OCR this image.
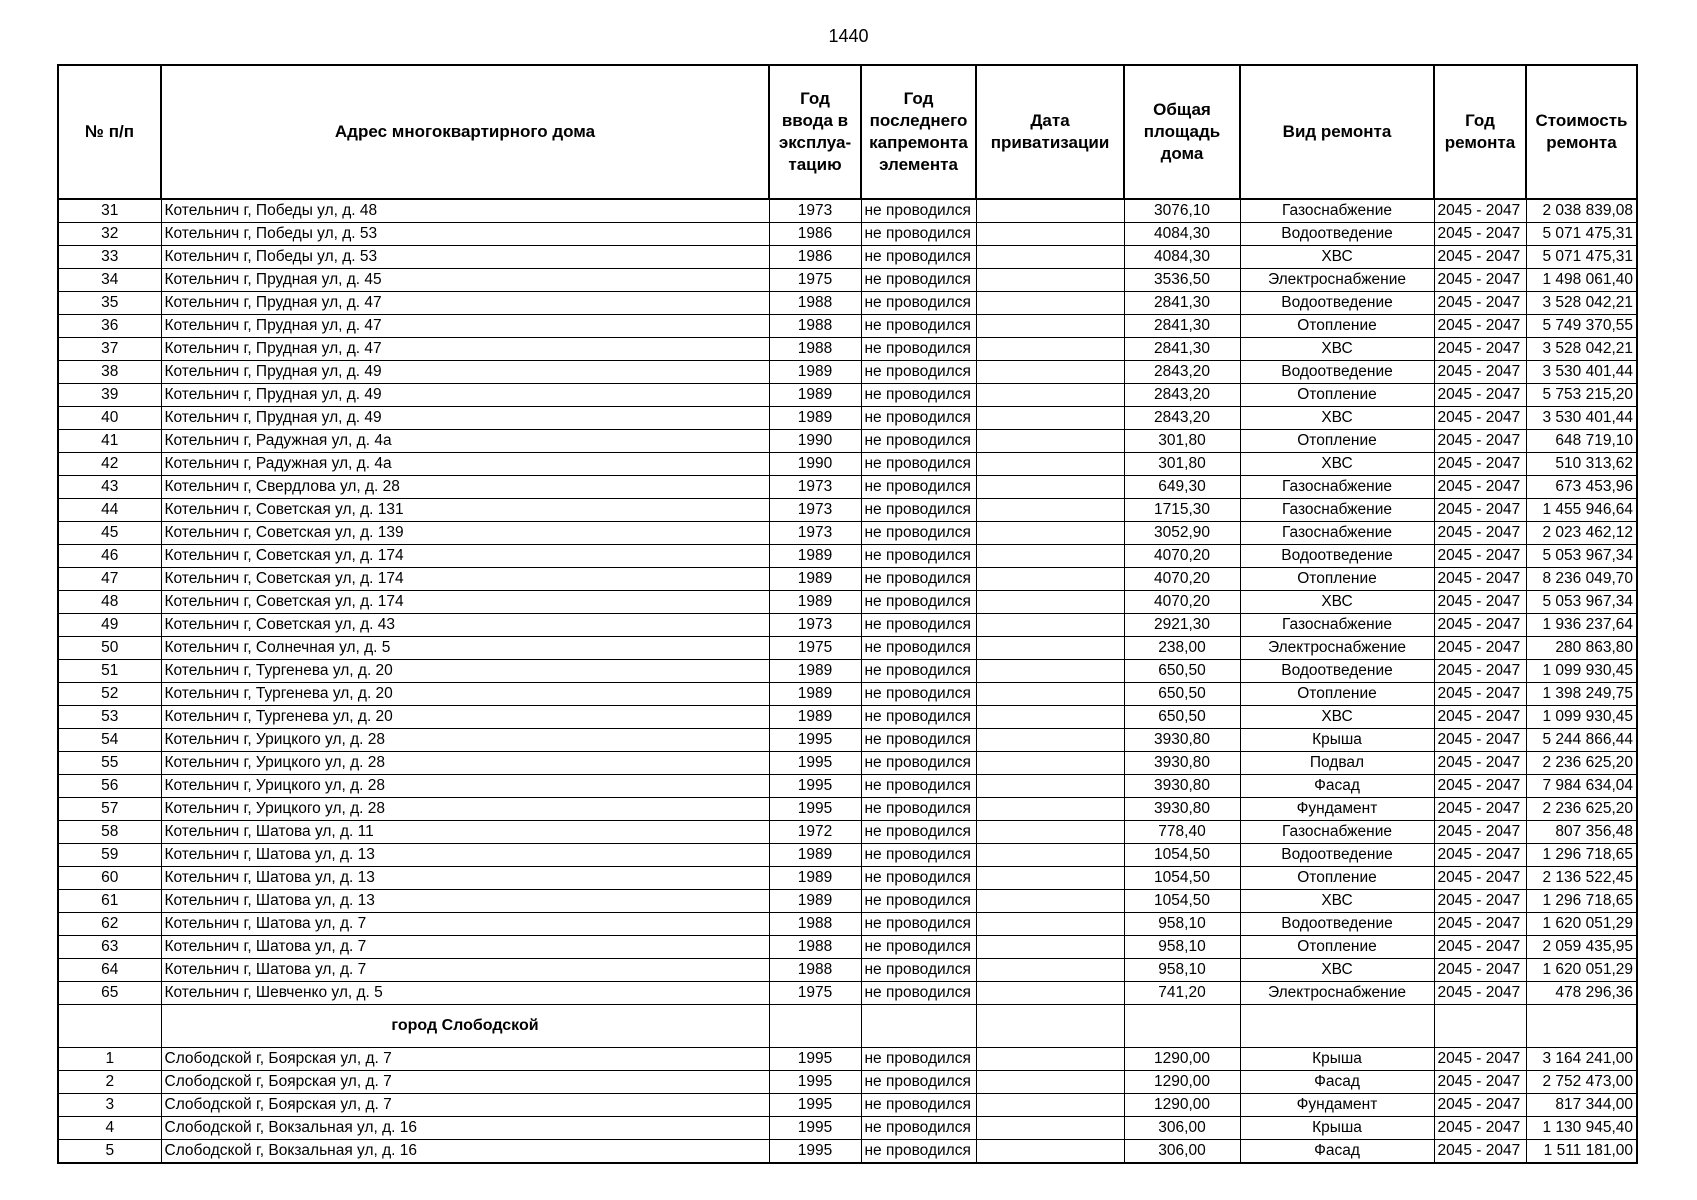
1440
№ п/п	Адрес многоквартирного дома	Год ввода в эксплуа-тацию	Год последнего капремонта элемента	Дата приватизации	Общая площадь дома	Вид ремонта	Год ремонта	Стоимость ремонта
31	Котельнич г, Победы ул, д. 48	1973	не проводился		3076,10	Газоснабжение	2045 - 2047	2 038 839,08
32	Котельнич г, Победы ул, д. 53	1986	не проводился		4084,30	Водоотведение	2045 - 2047	5 071 475,31
33	Котельнич г, Победы ул, д. 53	1986	не проводился		4084,30	ХВС	2045 - 2047	5 071 475,31
34	Котельнич г, Прудная ул, д. 45	1975	не проводился		3536,50	Электроснабжение	2045 - 2047	1 498 061,40
35	Котельнич г, Прудная ул, д. 47	1988	не проводился		2841,30	Водоотведение	2045 - 2047	3 528 042,21
36	Котельнич г, Прудная ул, д. 47	1988	не проводился		2841,30	Отопление	2045 - 2047	5 749 370,55
37	Котельнич г, Прудная ул, д. 47	1988	не проводился		2841,30	ХВС	2045 - 2047	3 528 042,21
38	Котельнич г, Прудная ул, д. 49	1989	не проводился		2843,20	Водоотведение	2045 - 2047	3 530 401,44
39	Котельнич г, Прудная ул, д. 49	1989	не проводился		2843,20	Отопление	2045 - 2047	5 753 215,20
40	Котельнич г, Прудная ул, д. 49	1989	не проводился		2843,20	ХВС	2045 - 2047	3 530 401,44
41	Котельнич г, Радужная ул, д. 4а	1990	не проводился		301,80	Отопление	2045 - 2047	648 719,10
42	Котельнич г, Радужная ул, д. 4а	1990	не проводился		301,80	ХВС	2045 - 2047	510 313,62
43	Котельнич г, Свердлова ул, д. 28	1973	не проводился		649,30	Газоснабжение	2045 - 2047	673 453,96
44	Котельнич г, Советская ул, д. 131	1973	не проводился		1715,30	Газоснабжение	2045 - 2047	1 455 946,64
45	Котельнич г, Советская ул, д. 139	1973	не проводился		3052,90	Газоснабжение	2045 - 2047	2 023 462,12
46	Котельнич г, Советская ул, д. 174	1989	не проводился		4070,20	Водоотведение	2045 - 2047	5 053 967,34
47	Котельнич г, Советская ул, д. 174	1989	не проводился		4070,20	Отопление	2045 - 2047	8 236 049,70
48	Котельнич г, Советская ул, д. 174	1989	не проводился		4070,20	ХВС	2045 - 2047	5 053 967,34
49	Котельнич г, Советская ул, д. 43	1973	не проводился		2921,30	Газоснабжение	2045 - 2047	1 936 237,64
50	Котельнич г, Солнечная ул, д. 5	1975	не проводился		238,00	Электроснабжение	2045 - 2047	280 863,80
51	Котельнич г, Тургенева ул, д. 20	1989	не проводился		650,50	Водоотведение	2045 - 2047	1 099 930,45
52	Котельнич г, Тургенева ул, д. 20	1989	не проводился		650,50	Отопление	2045 - 2047	1 398 249,75
53	Котельнич г, Тургенева ул, д. 20	1989	не проводился		650,50	ХВС	2045 - 2047	1 099 930,45
54	Котельнич г, Урицкого ул, д. 28	1995	не проводился		3930,80	Крыша	2045 - 2047	5 244 866,44
55	Котельнич г, Урицкого ул, д. 28	1995	не проводился		3930,80	Подвал	2045 - 2047	2 236 625,20
56	Котельнич г, Урицкого ул, д. 28	1995	не проводился		3930,80	Фасад	2045 - 2047	7 984 634,04
57	Котельнич г, Урицкого ул, д. 28	1995	не проводился		3930,80	Фундамент	2045 - 2047	2 236 625,20
58	Котельнич г, Шатова ул, д. 11	1972	не проводился		778,40	Газоснабжение	2045 - 2047	807 356,48
59	Котельнич г, Шатова ул, д. 13	1989	не проводился		1054,50	Водоотведение	2045 - 2047	1 296 718,65
60	Котельнич г, Шатова ул, д. 13	1989	не проводился		1054,50	Отопление	2045 - 2047	2 136 522,45
61	Котельнич г, Шатова ул, д. 13	1989	не проводился		1054,50	ХВС	2045 - 2047	1 296 718,65
62	Котельнич г, Шатова ул, д. 7	1988	не проводился		958,10	Водоотведение	2045 - 2047	1 620 051,29
63	Котельнич г, Шатова ул, д. 7	1988	не проводился		958,10	Отопление	2045 - 2047	2 059 435,95
64	Котельнич г, Шатова ул, д. 7	1988	не проводился		958,10	ХВС	2045 - 2047	1 620 051,29
65	Котельнич г, Шевченко ул, д. 5	1975	не проводился		741,20	Электроснабжение	2045 - 2047	478 296,36
	город Слободской							
1	Слободской г, Боярская ул, д. 7	1995	не проводился		1290,00	Крыша	2045 - 2047	3 164 241,00
2	Слободской г, Боярская ул, д. 7	1995	не проводился		1290,00	Фасад	2045 - 2047	2 752 473,00
3	Слободской г, Боярская ул, д. 7	1995	не проводился		1290,00	Фундамент	2045 - 2047	817 344,00
4	Слободской г, Вокзальная ул, д. 16	1995	не проводился		306,00	Крыша	2045 - 2047	1 130 945,40
5	Слободской г, Вокзальная ул, д. 16	1995	не проводился		306,00	Фасад	2045 - 2047	1 511 181,00
